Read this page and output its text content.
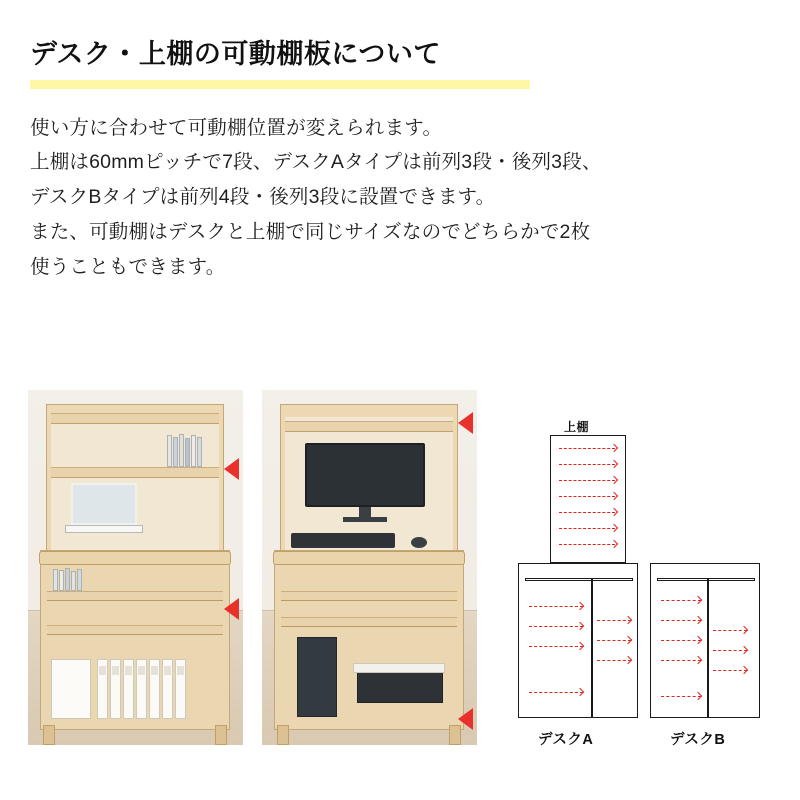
デスク・上棚の可動棚板について

使い方に合わせて可動棚位置が変えられます。

上棚は60mmピッチで7段、デスクAタイプは前列3段・後列3段、

デスクBタイプは前列4段・後列3段に設置できます。

また、可動棚はデスクと上棚で同じサイズなのでどちらかで2枚

使うこともできます。

上棚
デスクA	デスクB
